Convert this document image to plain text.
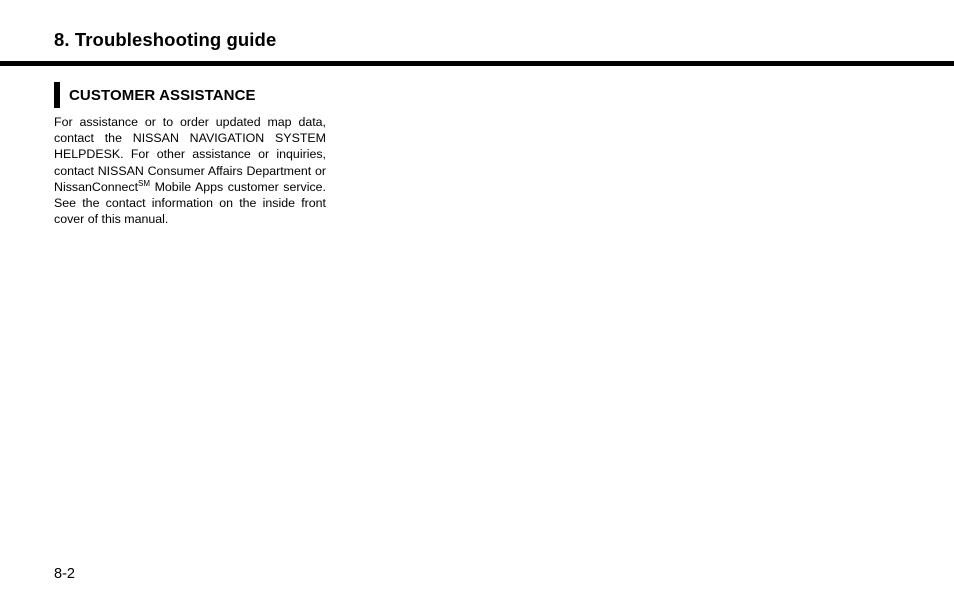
8. Troubleshooting guide
CUSTOMER ASSISTANCE

For assistance or to order updated map data, contact the NISSAN NAVIGATION SYSTEM HELPDESK. For other assistance or inquiries, contact NISSAN Consumer Affairs Department or NissanConnect℠ Mobile Apps customer service. See the contact information on the inside front cover of this manual.

8-2
